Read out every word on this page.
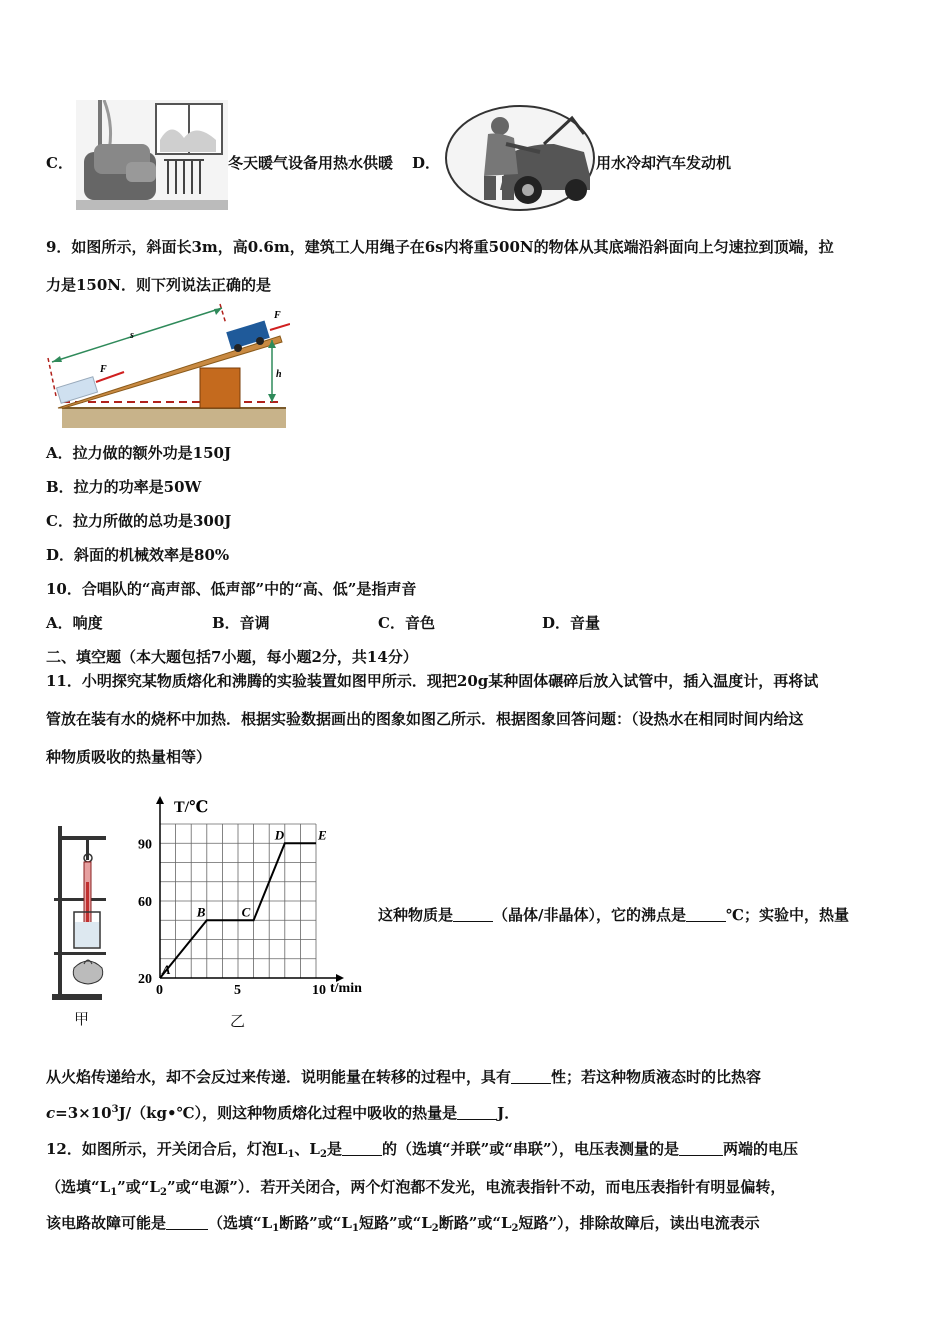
C．	冬天暖气设备用热水供暖 D．	用水冷却汽车发动机
9．如图所示，斜面长3m，高0.6m，建筑工人用绳子在6s内将重500N的物体从其底端沿斜面向上匀速拉到顶端，拉
力是150N．则下列说法正确的是
h
s
F
F
A．拉力做的额外功是150J
B．拉力的功率是50W
C．拉力所做的总功是300J
D．斜面的机械效率是80%
10．合唱队的“高声部、低声部”中的“高、低”是指声音
A．响度	B．音调	C．音色	D．音量
二、填空题（本大题包括7小题，每小题2分，共14分）
11．小明探究某物质熔化和沸腾的实验装置如图甲所示．现把20g某种固体碾碎后放入试管中，插入温度计，再将试
管放在装有水的烧杯中加热．根据实验数据画出的图象如图乙所示．根据图象回答问题：（设热水在相同时间内给这
种物质吸收的热量相等）
甲
T/℃
t/min
0	5	10
20
60
90
A
B	C
D	E
乙
这种物质是	（晶体/非晶体），它的沸点是	℃；实验中，热量
从火焰传递给水，却不会反过来传递．说明能量在转移的过程中，具有	性；若这种物质液态时的比热容
$c=3\times 10^3J/(kg•℃)$，则这种物质熔化过程中吸收的热量是	J．
12．如图所示，开关闭合后，灯泡$L_1$、$L_2$是	的（选填“并联”或“串联”），电压表测量的是	两端的电压
（选填“$L_1$”或“$L_2$”或“电源”）．若开关闭合，两个灯泡都不发光，电流表指针不动，而电压表指针有明显偏转，
该电路故障可能是	（选填“$L_1$断路”或“$L_1$短路”或“$L_2$断路”或“$L_2$短路”），排除故障后，读出电流表示
